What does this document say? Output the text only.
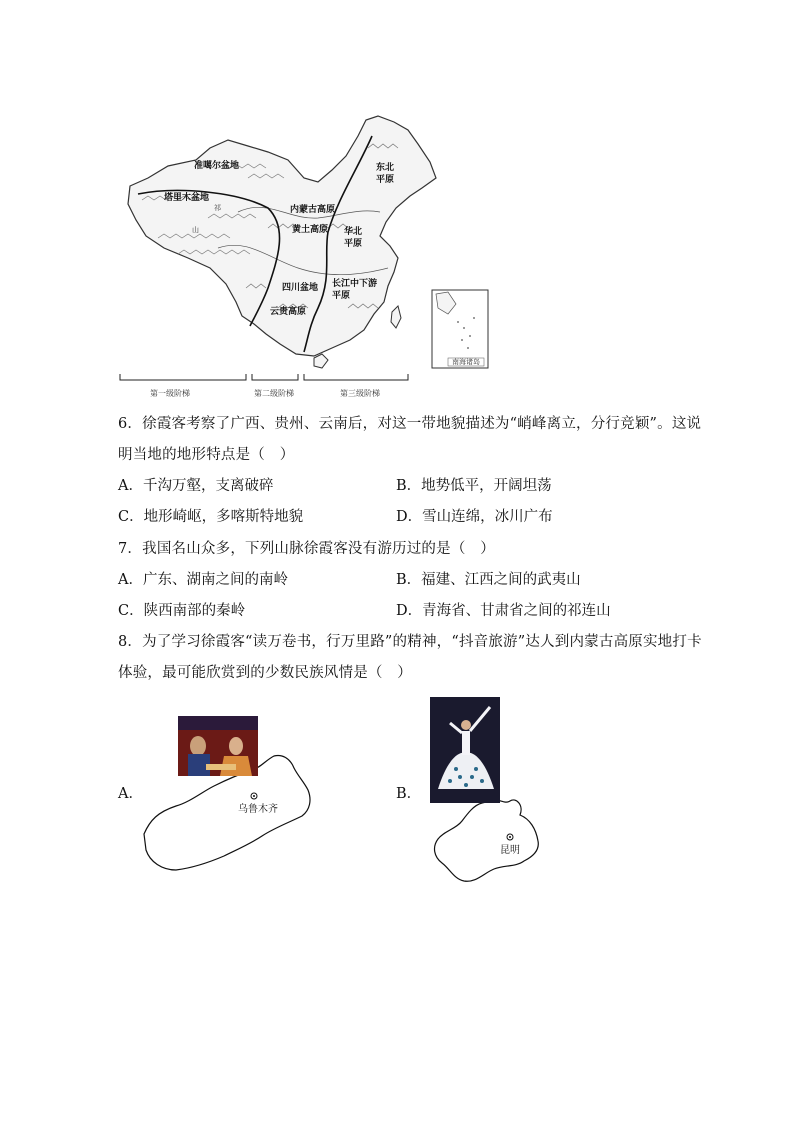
准噶尔盆地
塔里木盆地
东北
平原
内蒙古高原
黄土高原 华北
平原
四川盆地 长江中下游
平原
云贵高原
祁
山
南海诸岛
第一级阶梯	第二级阶梯	第三级阶梯
6．徐霞客考察了广西、贵州、云南后，对这一带地貌描述为“峭峰离立，分行竞颖”。这说
明当地的地形特点是（　）
A．千沟万壑，支离破碎	B．地势低平，开阔坦荡
C．地形崎岖，多喀斯特地貌	D．雪山连绵，冰川广布
7．我国名山众多，下列山脉徐霞客没有游历过的是（　）
A．广东、湖南之间的南岭	B．福建、江西之间的武夷山
C．陕西南部的秦岭	D．青海省、甘肃省之间的祁连山
8．为了学习徐霞客“读万卷书，行万里路”的精神，“抖音旅游”达人到内蒙古高原实地打卡
体验，最可能欣赏到的少数民族风情是（　）
A．
乌鲁木齐
B．
昆明
